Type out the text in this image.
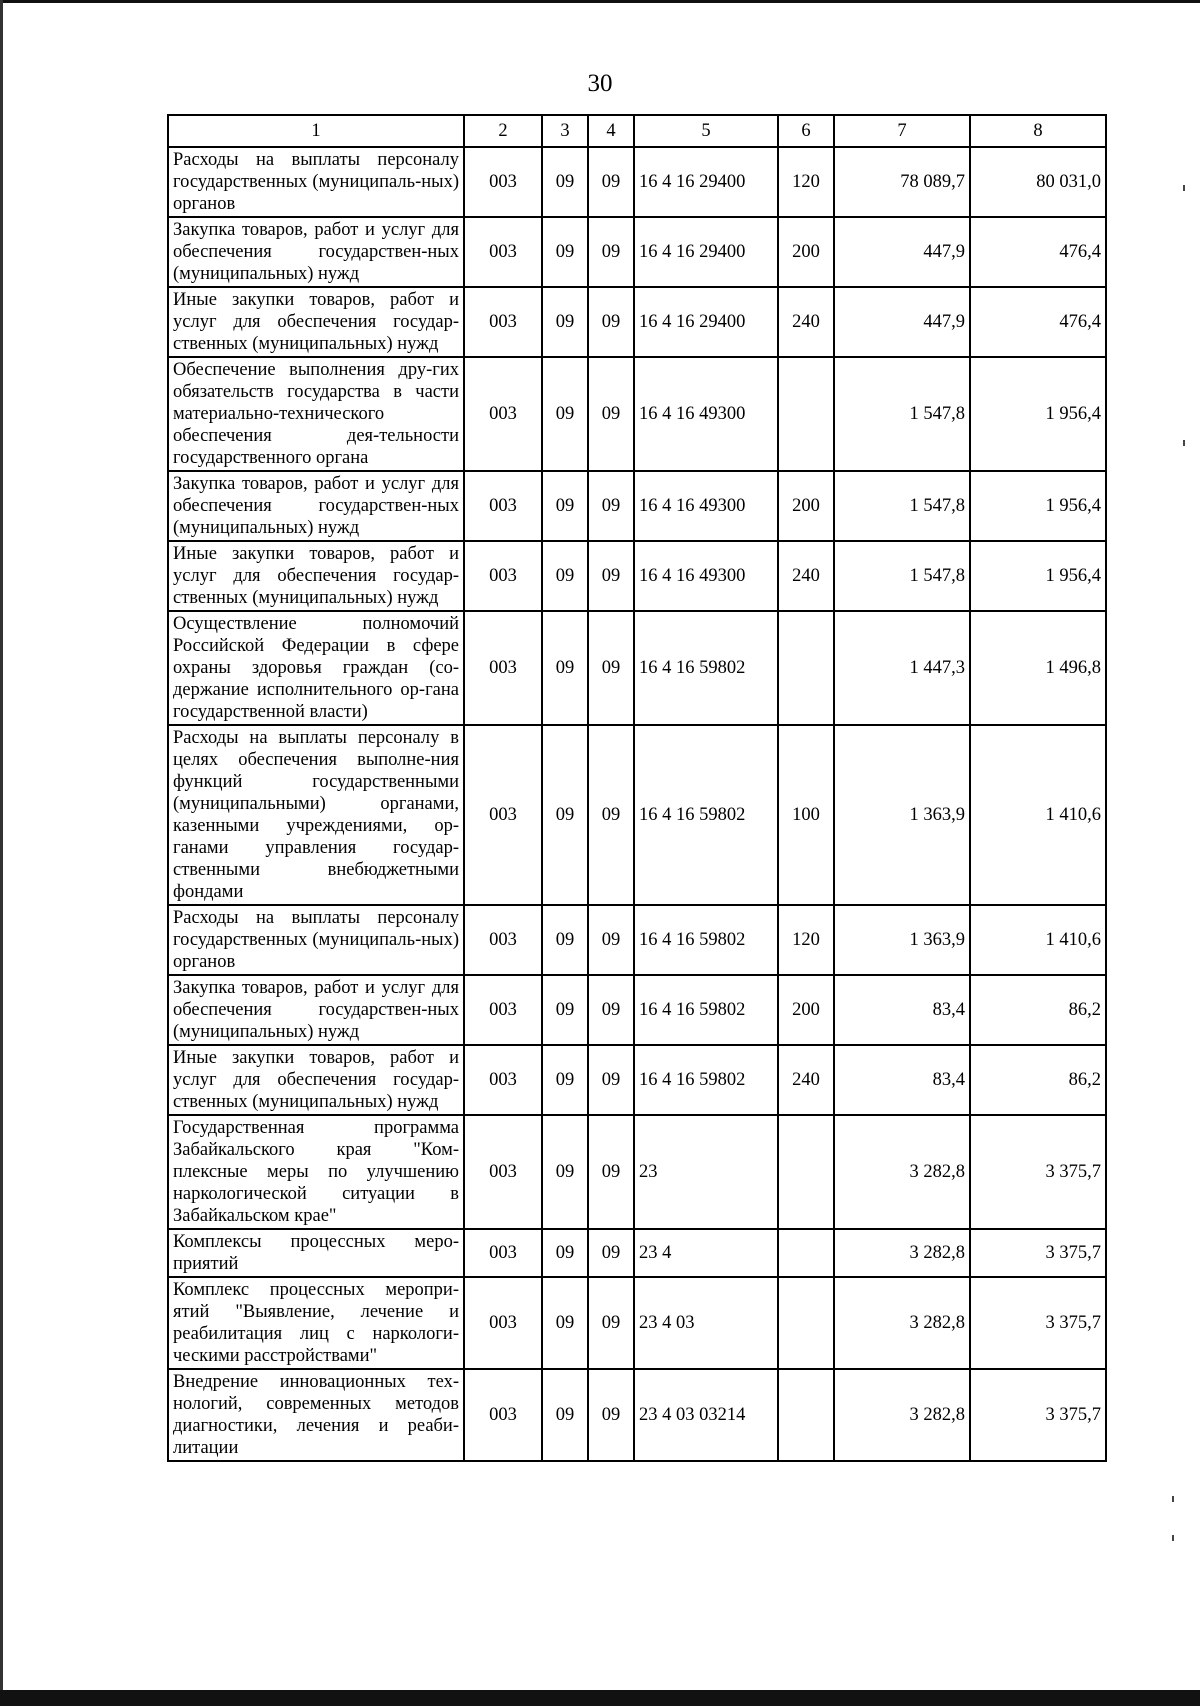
30
1	2	3	4	5	6	7	8
Расходы на выплаты персоналу государственных (муниципаль-ных) органов	003	09	09	16 4 16 29400	120	78 089,7	80 031,0
Закупка товаров, работ и услуг для обеспечения государствен-ных (муниципальных) нужд	003	09	09	16 4 16 29400	200	447,9	476,4
Иные закупки товаров, работ и услуг для обеспечения государ-ственных (муниципальных) нужд	003	09	09	16 4 16 29400	240	447,9	476,4
Обеспечение выполнения дру-гих обязательств государства в части материально-технического обеспечения дея-тельности государственного органа	003	09	09	16 4 16 49300		1 547,8	1 956,4
Закупка товаров, работ и услуг для обеспечения государствен-ных (муниципальных) нужд	003	09	09	16 4 16 49300	200	1 547,8	1 956,4
Иные закупки товаров, работ и услуг для обеспечения государ-ственных (муниципальных) нужд	003	09	09	16 4 16 49300	240	1 547,8	1 956,4
Осуществление полномочий Российской Федерации в сфере охраны здоровья граждан (со-держание исполнительного ор-гана государственной власти)	003	09	09	16 4 16 59802		1 447,3	1 496,8
Расходы на выплаты персоналу в целях обеспечения выполне-ния функций государственными (муниципальными) органами, казенными учреждениями, ор-ганами управления государ-ственными внебюджетными фондами	003	09	09	16 4 16 59802	100	1 363,9	1 410,6
Расходы на выплаты персоналу государственных (муниципаль-ных) органов	003	09	09	16 4 16 59802	120	1 363,9	1 410,6
Закупка товаров, работ и услуг для обеспечения государствен-ных (муниципальных) нужд	003	09	09	16 4 16 59802	200	83,4	86,2
Иные закупки товаров, работ и услуг для обеспечения государ-ственных (муниципальных) нужд	003	09	09	16 4 16 59802	240	83,4	86,2
Государственная программа Забайкальского края "Ком-плексные меры по улучшению наркологической ситуации в Забайкальском крае"	003	09	09	23		3 282,8	3 375,7
Комплексы процессных меро-приятий	003	09	09	23 4		3 282,8	3 375,7
Комплекс процессных меропри-ятий "Выявление, лечение и реабилитация лиц с наркологи-ческими расстройствами"	003	09	09	23 4 03		3 282,8	3 375,7
Внедрение инновационных тех-нологий, современных методов диагностики, лечения и реаби-литации	003	09	09	23 4 03 03214		3 282,8	3 375,7
